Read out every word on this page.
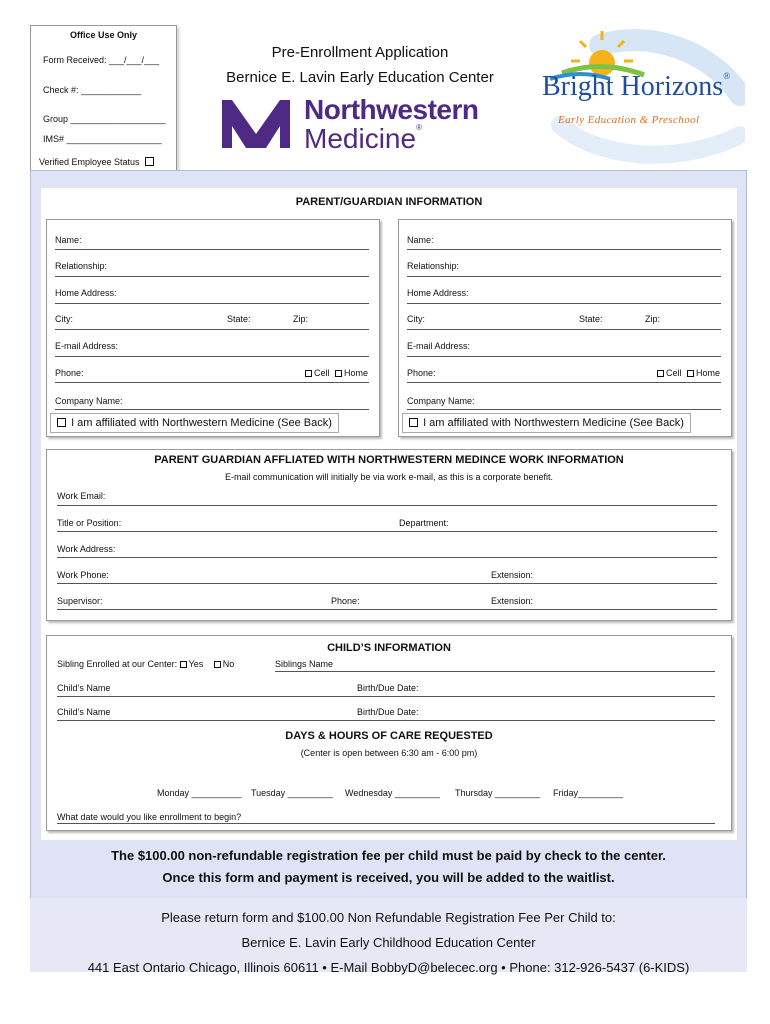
Office Use Only
Form Received: ___/___/___
Check #: ____________
Group ___________________
IMS# ___________________
Verified Employee Status
Pre-Enrollment Application
Bernice E. Lavin Early Education Center
Northwestern
Medicine®
Bright Horizons®
Early Education & Preschool
PARENT/GUARDIAN INFORMATION
Name:
Relationship:
Home Address:
City:	State:	Zip:
E-mail Address:
Phone:	Cell Home
Company Name:
I am affiliated with Northwestern Medicine (See Back)
Name:
Relationship:
Home Address:
City:	State:	Zip:
E-mail Address:
Phone:	Cell Home
Company Name:
I am affiliated with Northwestern Medicine (See Back)
PARENT GUARDIAN AFFLIATED WITH NORTHWESTERN MEDINCE WORK INFORMATION
E-mail communication will initially be via work e-mail, as this is a corporate benefit.
Work Email:
Title or Position:	Department:
Work Address:
Work Phone:	Extension:
Supervisor:	Phone:	Extension:
CHILD’S INFORMATION
Sibling Enrolled at our Center: Yes No	Siblings Name
Child’s Name	Birth/Due Date:
Child’s Name	Birth/Due Date:
DAYS & HOURS OF CARE REQUESTED
(Center is open between 6:30 am - 6:00 pm)
Monday __________ Tuesday _________ Wednesday _________ Thursday _________ Friday_________
What date would you like enrollment to begin?
The $100.00 non-refundable registration fee per child must be paid by check to the center.
Once this form and payment is received, you will be added to the waitlist.
Please return form and $100.00 Non Refundable Registration Fee Per Child to:
Bernice E. Lavin Early Childhood Education Center
441 East Ontario Chicago, Illinois 60611 • E-Mail BobbyD@belecec.org • Phone: 312-926-5437 (6-KIDS)
